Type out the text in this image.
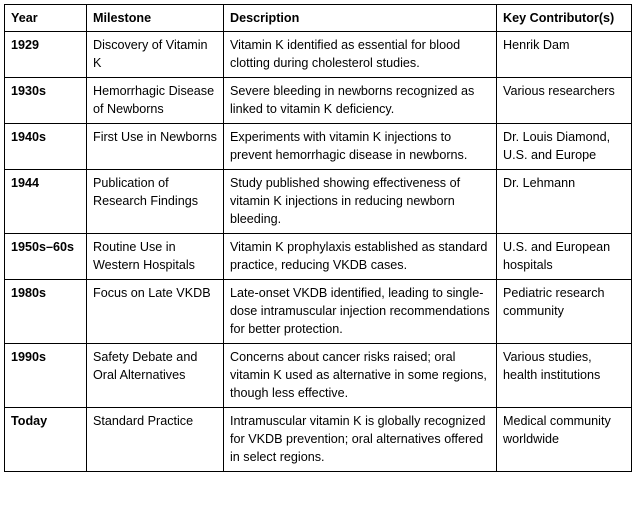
Year	Milestone	Description	Key Contributor(s)
1929	Discovery of Vitamin K	Vitamin K identified as essential for blood clotting during cholesterol studies.	Henrik Dam
1930s	Hemorrhagic Disease of Newborns	Severe bleeding in newborns recognized as linked to vitamin K deficiency.	Various researchers
1940s	First Use in Newborns	Experiments with vitamin K injections to prevent hemorrhagic disease in newborns.	Dr. Louis Diamond, U.S. and Europe
1944	Publication of Research Findings	Study published showing effectiveness of vitamin K injections in reducing newborn bleeding.	Dr. Lehmann
1950s–60s	Routine Use in Western Hospitals	Vitamin K prophylaxis established as standard practice, reducing VKDB cases.	U.S. and European hospitals
1980s	Focus on Late VKDB	Late-onset VKDB identified, leading to single-dose intramuscular injection recommendations for better protection.	Pediatric research community
1990s	Safety Debate and Oral Alternatives	Concerns about cancer risks raised; oral vitamin K used as alternative in some regions, though less effective.	Various studies, health institutions
Today	Standard Practice	Intramuscular vitamin K is globally recognized for VKDB prevention; oral alternatives offered in select regions.	Medical community worldwide
